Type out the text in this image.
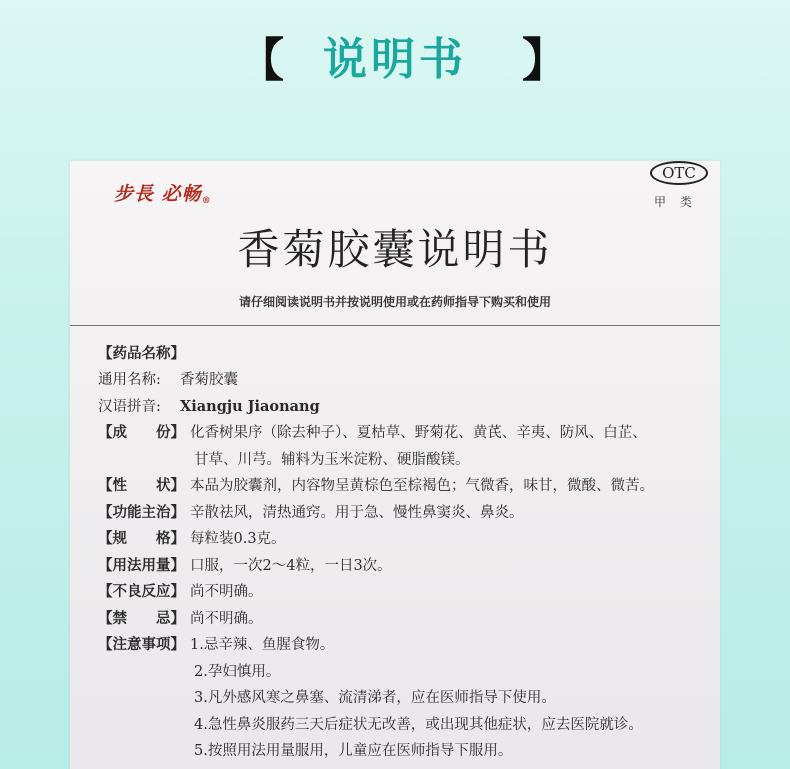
【 说明书	】
步長 必畅®
OTC
甲类
香菊胶囊说明书
请仔细阅读说明书并按说明使用或在药师指导下购买和使用
【药品名称】
通用名称:	香菊胶囊
汉语拼音:	Xiangju Jiaonang
【成　　份】 化香树果序（除去种子）、夏枯草、野菊花、黄芪、辛夷、防风、白芷、
甘草、川芎。辅料为玉米淀粉、硬脂酸镁。
【性　　状】 本品为胶囊剂，内容物呈黄棕色至棕褐色；气微香，味甘，微酸、微苦。
【功能主治】 辛散祛风，清热通窍。用于急、慢性鼻窦炎、鼻炎。
【规　　格】 每粒装0.3克。
【用法用量】 口服，一次2～4粒，一日3次。
【不良反应】 尚不明确。
【禁　　忌】 尚不明确。
【注意事项】 1.忌辛辣、鱼腥食物。
2.孕妇慎用。
3.凡外感风寒之鼻塞、流清涕者，应在医师指导下使用。
4.急性鼻炎服药三天后症状无改善，或出现其他症状，应去医院就诊。
5.按照用法用量服用，儿童应在医师指导下服用。
